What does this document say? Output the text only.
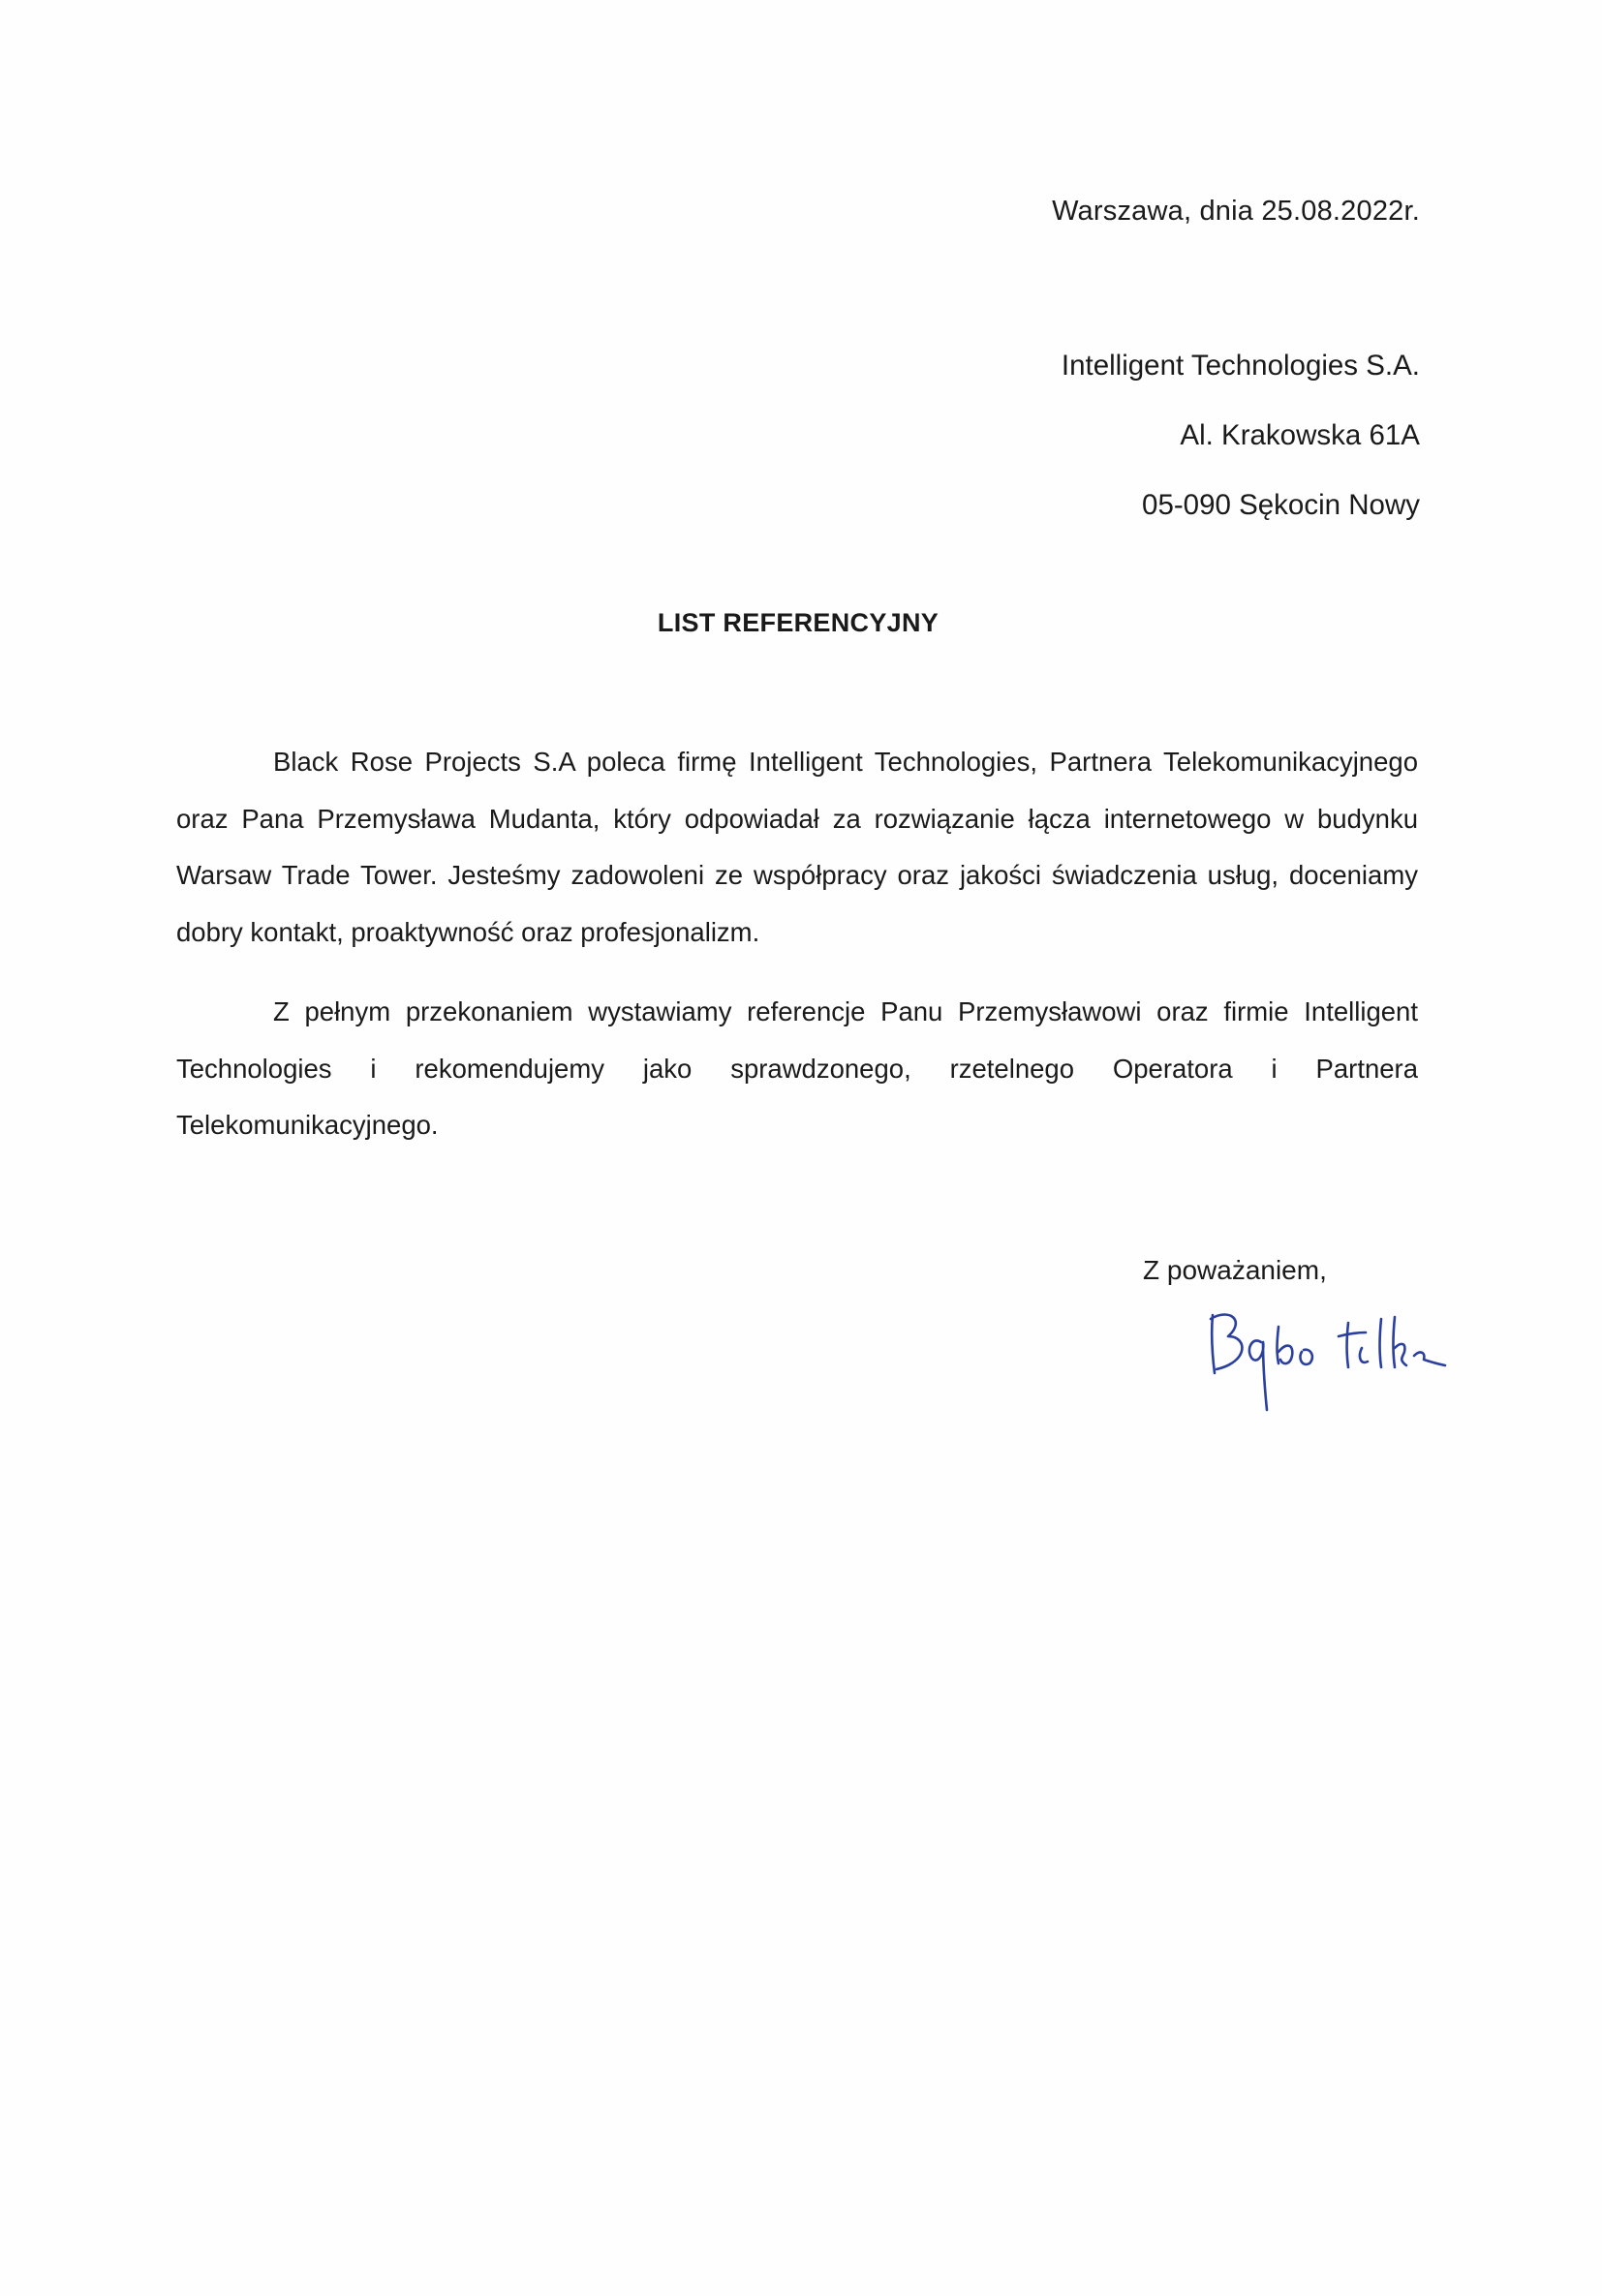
Warszawa, dnia 25.08.2022r.
Intelligent Technologies S.A.
Al. Krakowska 61A
05-090 Sękocin Nowy
LIST REFERENCYJNY

Black Rose Projects S.A poleca firmę Intelligent Technologies, Partnera Telekomunikacyjnego oraz Pana Przemysława Mudanta, który odpowiadał za rozwiązanie łącza internetowego w budynku Warsaw Trade Tower. Jesteśmy zadowoleni ze współpracy oraz jakości świadczenia usług, doceniamy dobry kontakt, proaktywność oraz profesjonalizm.

Z pełnym przekonaniem wystawiamy referencje Panu Przemysławowi oraz firmie Intelligent Technologies i rekomendujemy jako sprawdzonego, rzetelnego Operatora i Partnera Telekomunikacyjnego.

Z poważaniem,
